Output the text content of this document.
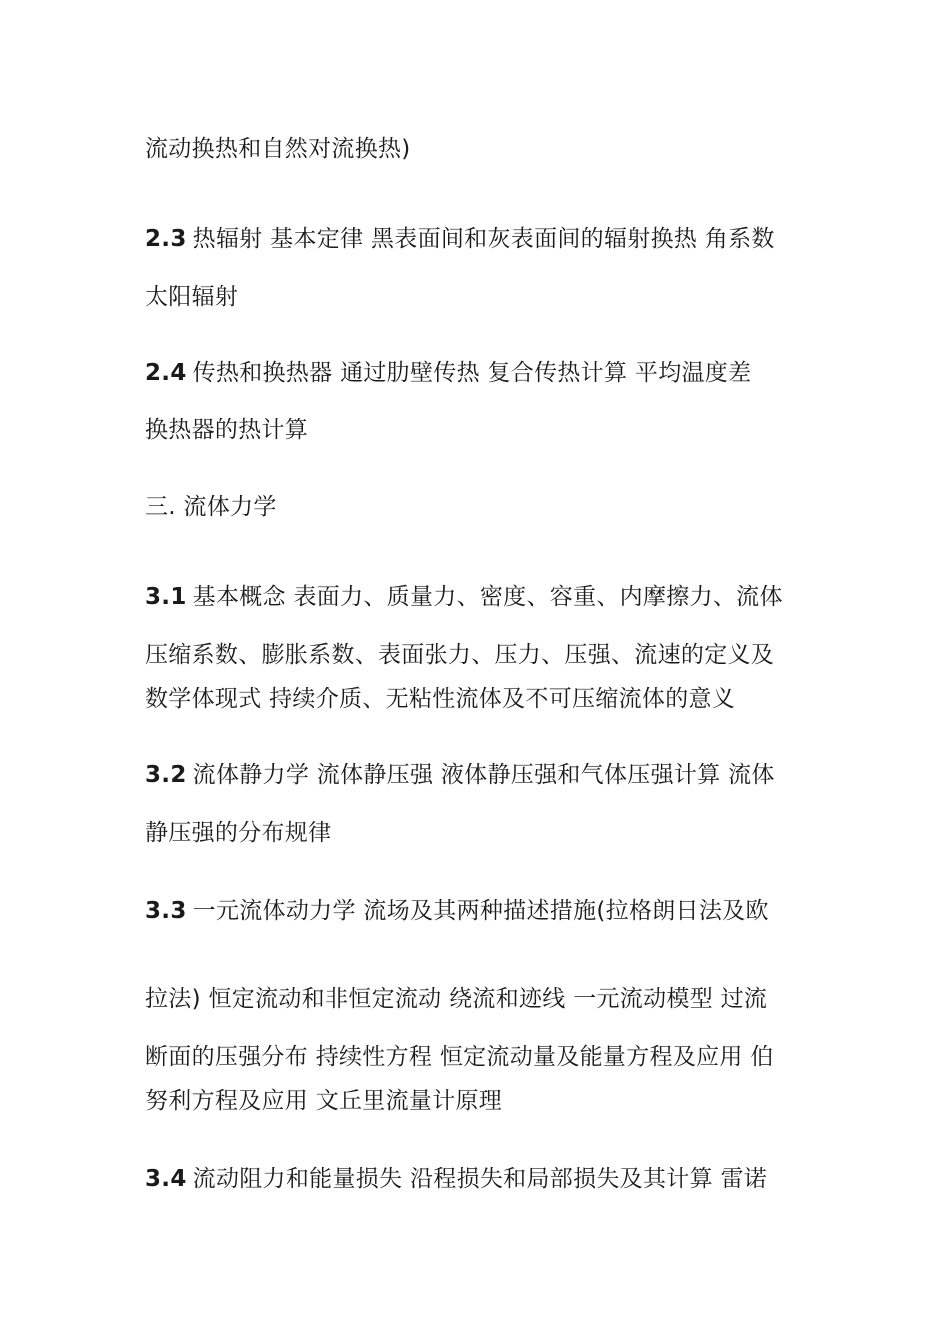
流动换热和自然对流换热)
2.3 热辐射 基本定律 黑表面间和灰表面间的辐射换热 角系数
太阳辐射
2.4 传热和换热器 通过肋壁传热 复合传热计算 平均温度差
换热器的热计算
三. 流体力学
3.1 基本概念 表面力、质量力、密度、容重、内摩擦力、流体
压缩系数、膨胀系数、表面张力、压力、压强、流速的定义及
数学体现式 持续介质、无粘性流体及不可压缩流体的意义
3.2 流体静力学 流体静压强 液体静压强和气体压强计算 流体
静压强的分布规律
3.3 一元流体动力学 流场及其两种描述措施(拉格朗日法及欧
拉法) 恒定流动和非恒定流动 绕流和迹线 一元流动模型 过流
断面的压强分布 持续性方程 恒定流动量及能量方程及应用 伯
努利方程及应用 文丘里流量计原理
3.4 流动阻力和能量损失 沿程损失和局部损失及其计算 雷诺
